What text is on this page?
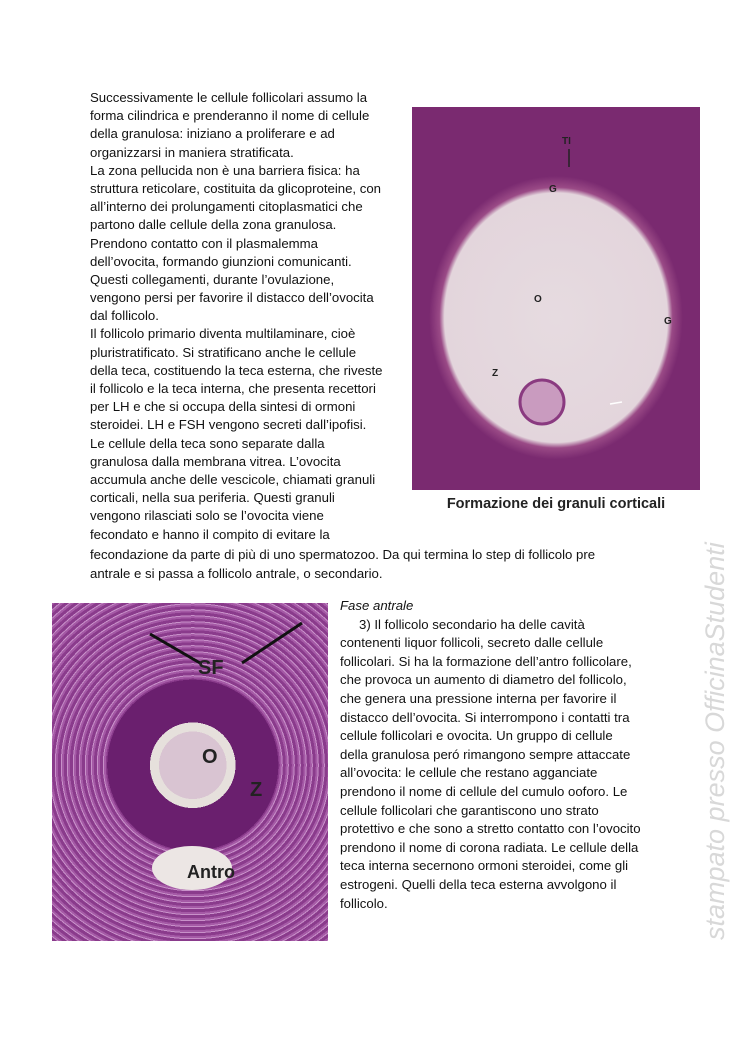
Successivamente le cellule follicolari assumo la
forma cilindrica e prenderanno il nome di cellule
della granulosa: iniziano a proliferare e ad
organizzarsi in maniera stratificata.
La zona pellucida non è una barriera fisica: ha
struttura reticolare, costituita da glicoproteine, con
all’interno dei prolungamenti citoplasmatici che
partono dalle cellule della zona granulosa.
Prendono contatto con il plasmalemma
dell’ovocita, formando giunzioni comunicanti.
Questi collegamenti, durante l’ovulazione,
vengono persi per favorire il distacco dell’ovocita
dal follicolo.
Il follicolo primario diventa multilaminare, cioè
pluristratificato. Si stratificano anche le cellule
della teca, costituendo la teca esterna, che riveste
il follicolo e la teca interna, che presenta recettori
per LH e che si occupa della sintesi di ormoni
steroidei. LH e FSH vengono secreti dall’ipofisi.
Le cellule della teca sono separate dalla
granulosa dalla membrana vitrea. L’ovocita
accumula anche delle vescicole, chiamati granuli
corticali, nella sua periferia. Questi granuli
vengono rilasciati solo se l’ovocita viene
fecondato e hanno il compito di evitare la
fecondazione da parte di più di uno spermatozoo. Da qui termina lo step di follicolo pre
antrale e si passa a follicolo antrale, o secondario.
TI
G
O
Z
G
Formazione dei granuli corticali
SF
O
Z
Antro
Fase antrale
3) Il follicolo secondario ha delle cavità
contenenti liquor follicoli, secreto dalle cellule
follicolari. Si ha la formazione dell’antro follicolare,
che provoca un aumento di diametro del follicolo,
che genera una pressione interna per favorire il
distacco dell’ovocita. Si interrompono i contatti tra
cellule follicolari e ovocita. Un gruppo di cellule
della granulosa peró rimangono sempre attaccate
all’ovocita: le cellule che restano agganciate
prendono il nome di cellule del cumulo ooforo. Le
cellule follicolari che garantiscono uno strato
protettivo e che sono a stretto contatto con l’ovocito
prendono il nome di corona radiata. Le cellule della
teca interna secernono ormoni steroidei, come gli
estrogeni. Quelli della teca esterna avvolgono il
follicolo.	stampato presso OfficinaStudenti
